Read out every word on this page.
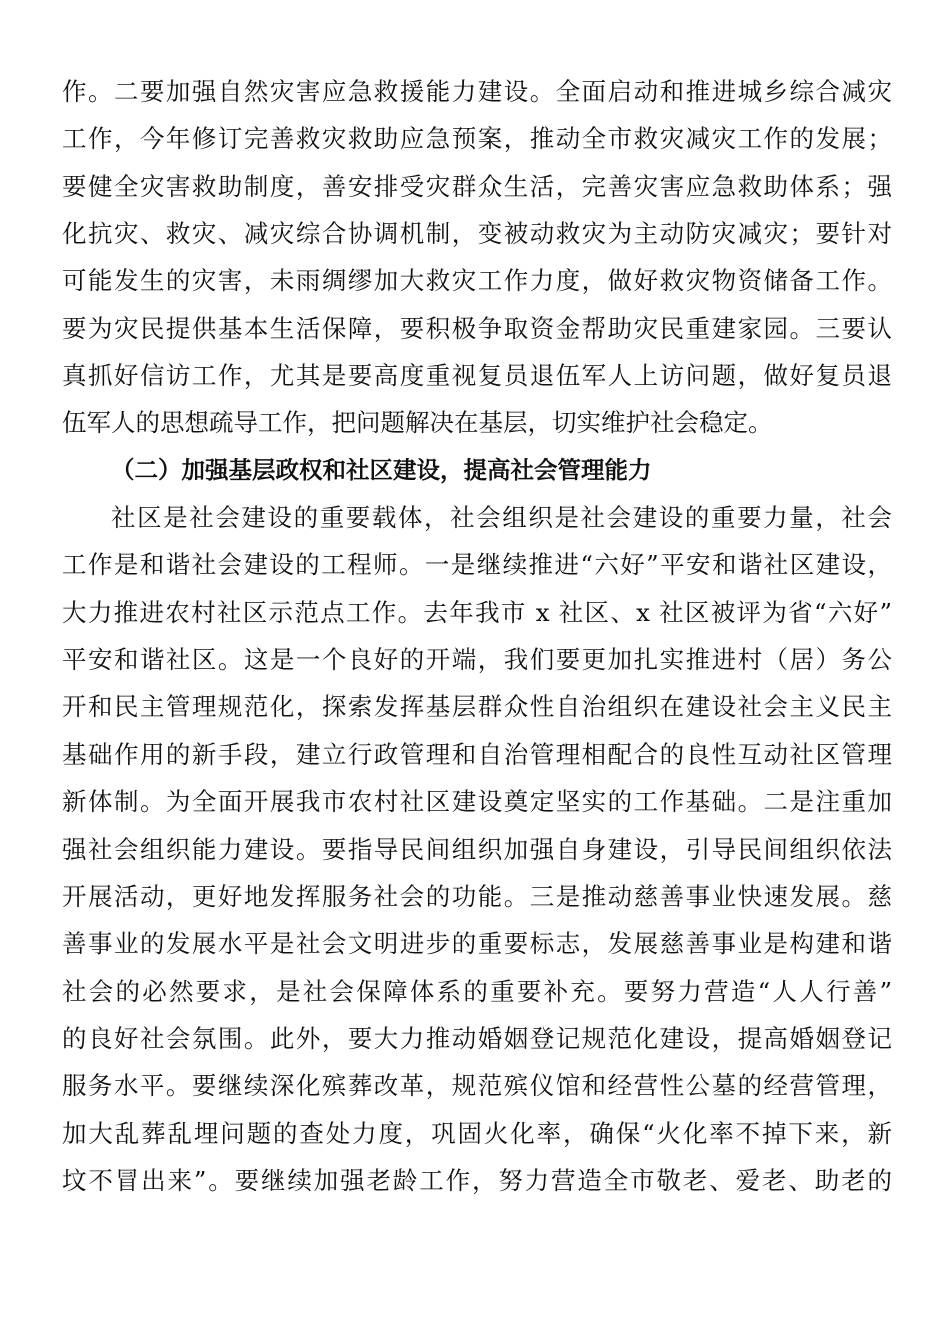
作。二要加强自然灾害应急救援能力建设。全面启动和推进城乡综合减灾
工作，今年修订完善救灾救助应急预案，推动全市救灾减灾工作的发展；
要健全灾害救助制度，善安排受灾群众生活，完善灾害应急救助体系；强
化抗灾、救灾、减灾综合协调机制，变被动救灾为主动防灾减灾；要针对
可能发生的灾害，未雨绸缪加大救灾工作力度，做好救灾物资储备工作。
要为灾民提供基本生活保障，要积极争取资金帮助灾民重建家园。三要认
真抓好信访工作，尤其是要高度重视复员退伍军人上访问题，做好复员退
伍军人的思想疏导工作，把问题解决在基层，切实维护社会稳定。
（二）加强基层政权和社区建设，提高社会管理能力
社区是社会建设的重要载体，社会组织是社会建设的重要力量，社会
工作是和谐社会建设的工程师。一是继续推进“六好”平安和谐社区建设，
大力推进农村社区示范点工作。去年我市 x 社区、x 社区被评为省“六好”
平安和谐社区。这是一个良好的开端，我们要更加扎实推进村（居）务公
开和民主管理规范化，探索发挥基层群众性自治组织在建设社会主义民主
基础作用的新手段，建立行政管理和自治管理相配合的良性互动社区管理
新体制。为全面开展我市农村社区建设奠定坚实的工作基础。二是注重加
强社会组织能力建设。要指导民间组织加强自身建设，引导民间组织依法
开展活动，更好地发挥服务社会的功能。三是推动慈善事业快速发展。慈
善事业的发展水平是社会文明进步的重要标志，发展慈善事业是构建和谐
社会的必然要求，是社会保障体系的重要补充。要努力营造“人人行善”
的良好社会氛围。此外，要大力推动婚姻登记规范化建设，提高婚姻登记
服务水平。要继续深化殡葬改革，规范殡仪馆和经营性公墓的经营管理，
加大乱葬乱埋问题的查处力度，巩固火化率，确保“火化率不掉下来，新
坟不冒出来”。要继续加强老龄工作，努力营造全市敬老、爱老、助老的
